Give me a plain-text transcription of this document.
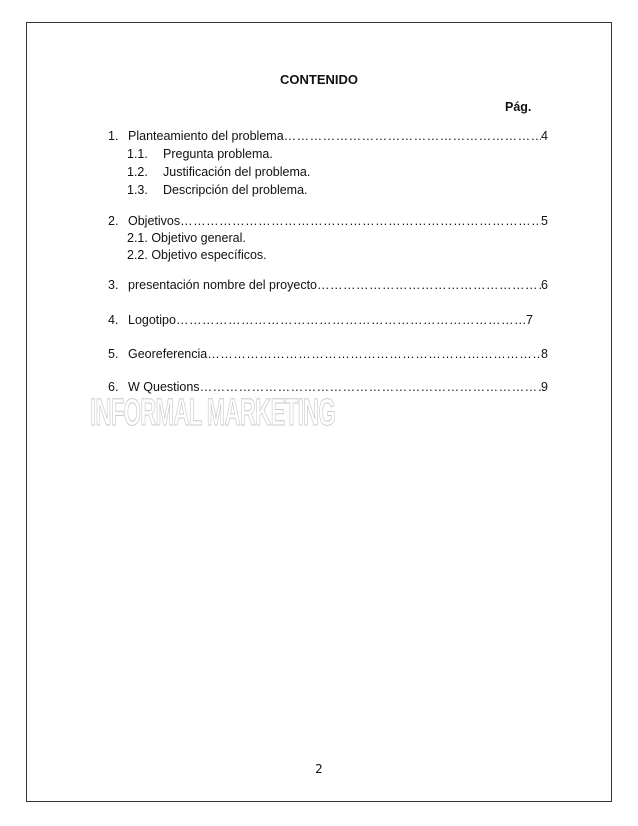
CONTENIDO
Pág.
1. Planteamiento del problema ………………………………………………………………………………………………………………………………	4
1.1. Pregunta problema.
1.2. Justificación del problema.
1.3. Descripción del problema.
2. Objetivos ………………………………………………………………………………………………………………………………	5
2.1. Objetivo general.
2.2. Objetivo específicos.
3. presentación nombre del proyecto ………………………………………………………………………………………………………………………………	6
4. Logotipo ………………………………………………………………………………………………………………………………	7
5. Georeferencia ………………………………………………………………………………………………………………………………	8
6. W Questions ………………………………………………………………………………………………………………………………	9
INFORMAL MARKETING
2
